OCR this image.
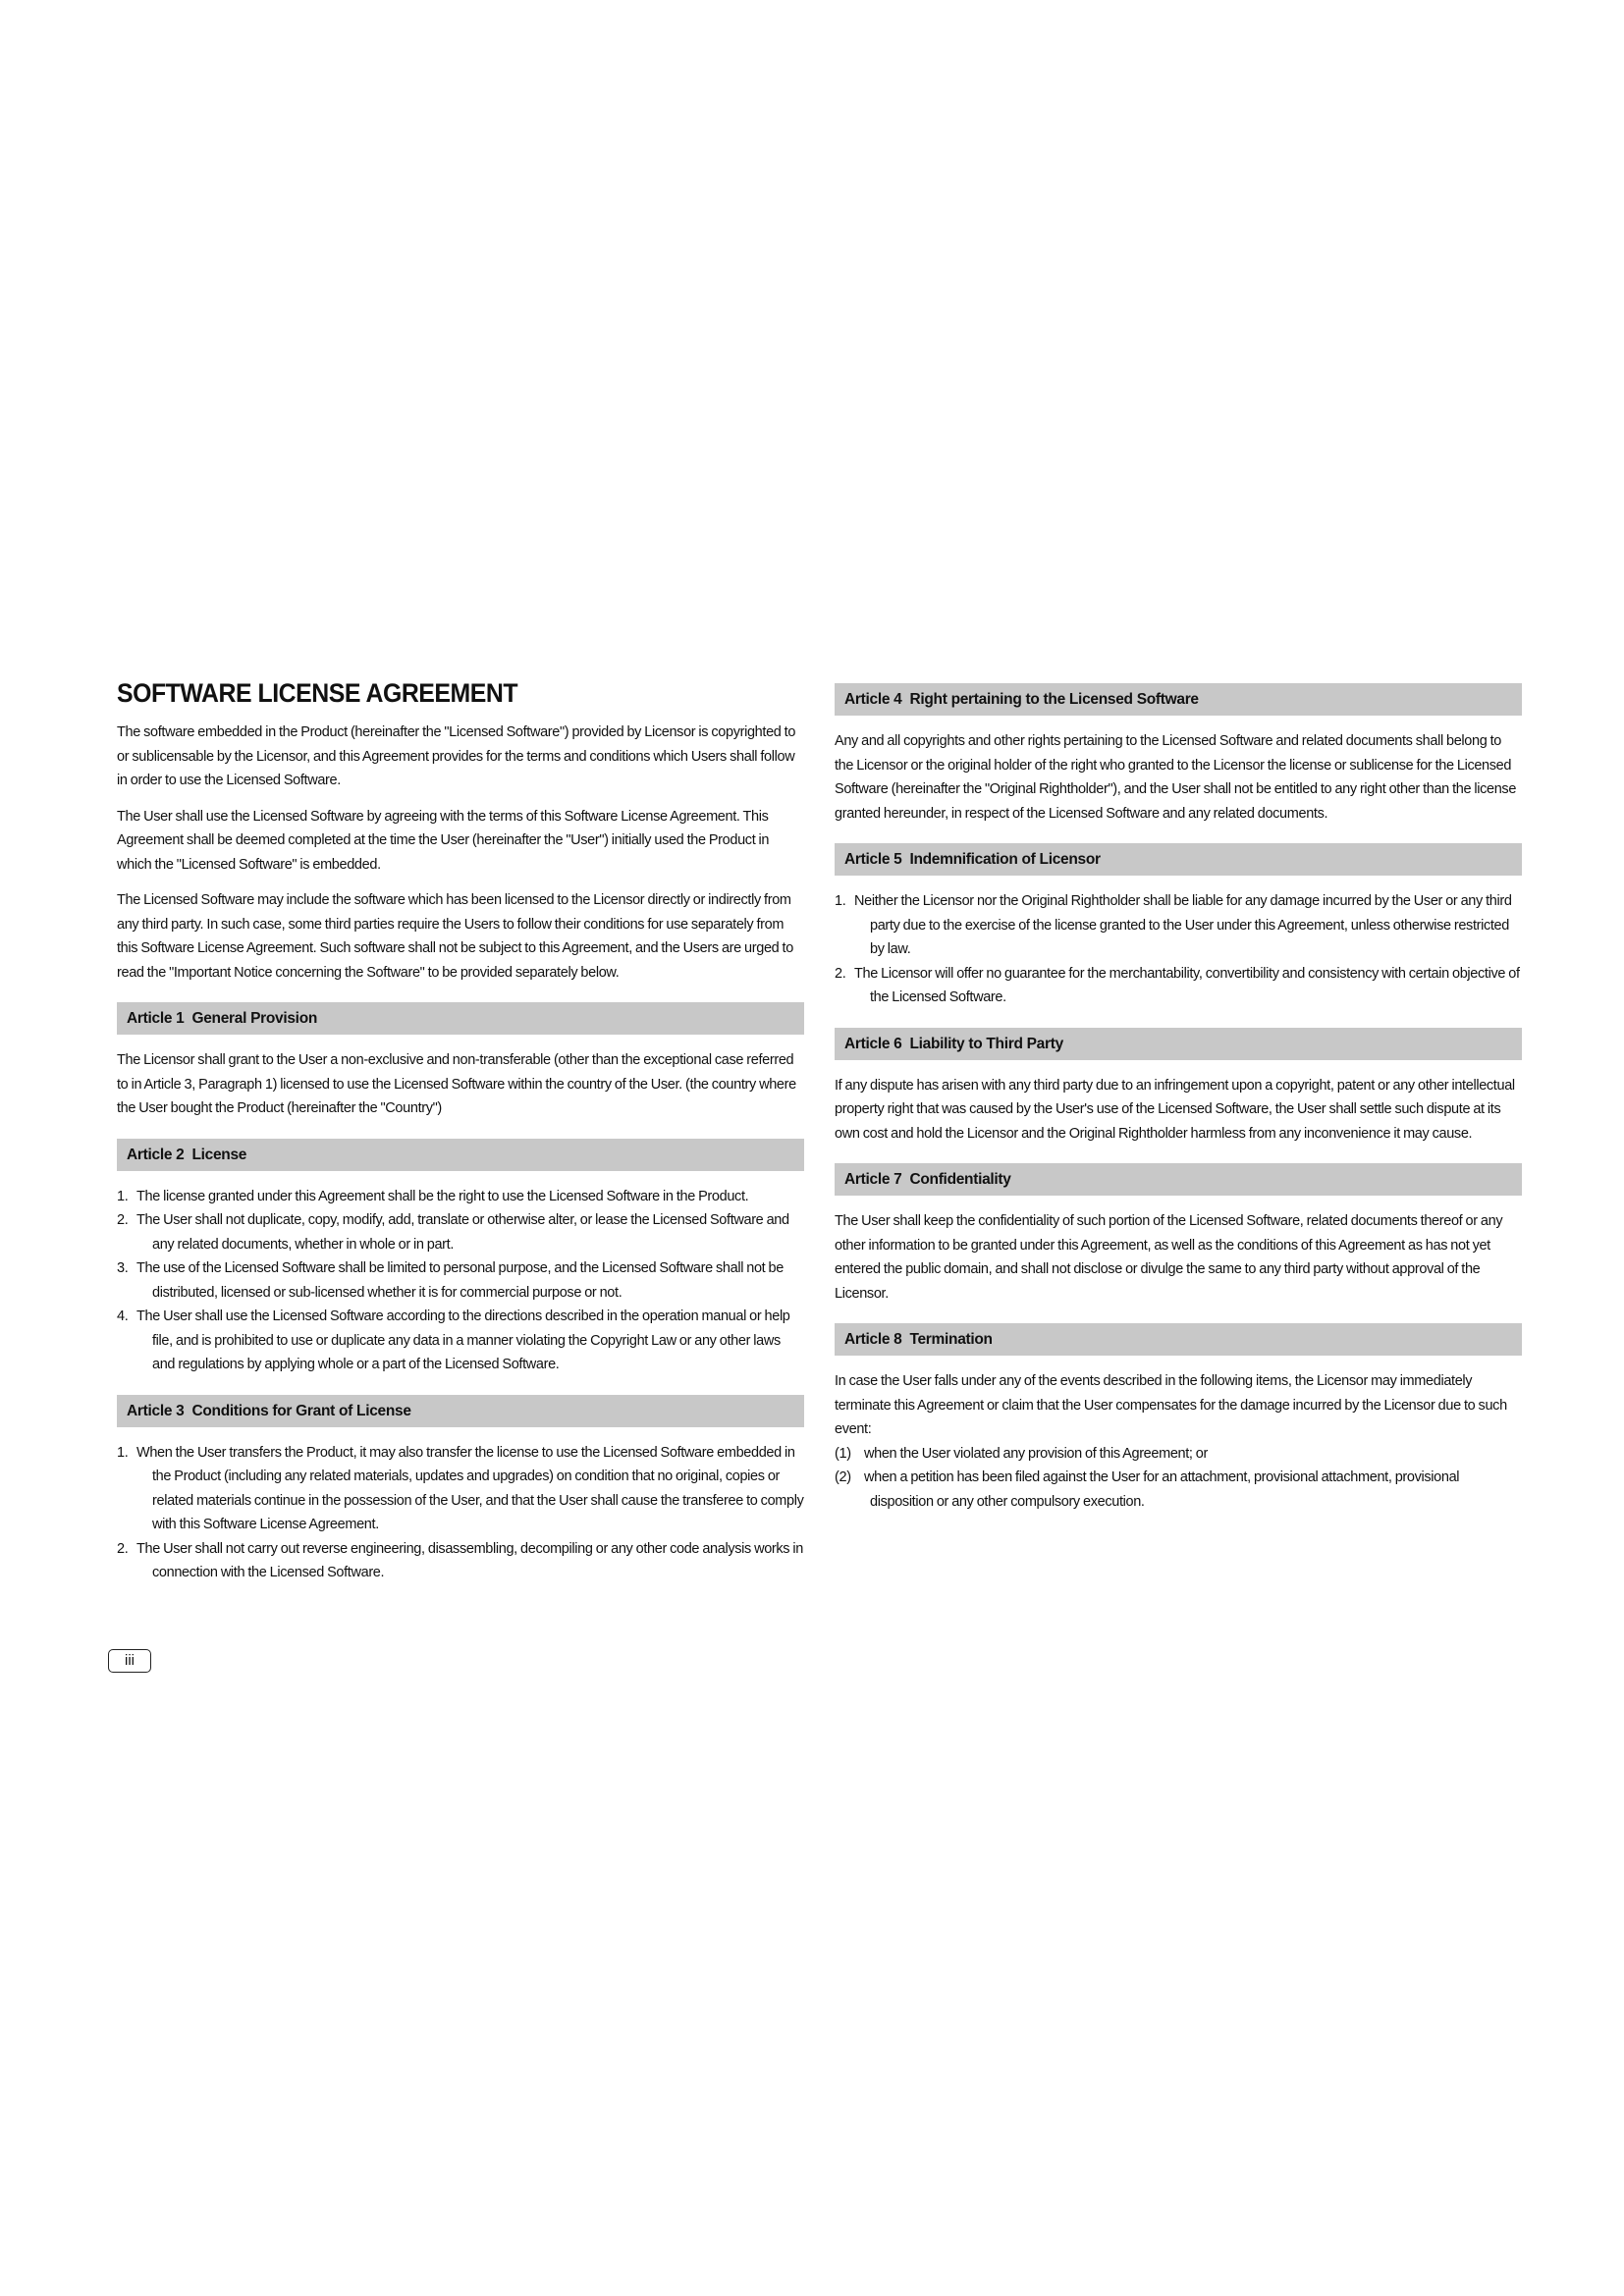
SOFTWARE LICENSE AGREEMENT

The software embedded in the Product (hereinafter the "Licensed Software") provided by Licensor is copyrighted to or sublicensable by the Licensor, and this Agreement provides for the terms and conditions which Users shall follow in order to use the Licensed Software.

The User shall use the Licensed Software by agreeing with the terms of this Software License Agreement. This Agreement shall be deemed completed at the time the User (hereinafter the "User") initially used the Product in which the "Licensed Software" is embedded.

The Licensed Software may include the software which has been licensed to the Licensor directly or indirectly from any third party. In such case, some third parties require the Users to follow their conditions for use separately from this Software License Agreement. Such software shall not be subject to this Agreement, and the Users are urged to read the "Important Notice concerning the Software" to be provided separately below.

Article 1 General Provision

The Licensor shall grant to the User a non-exclusive and non-transferable (other than the exceptional case referred to in Article 3, Paragraph 1) licensed to use the Licensed Software within the country of the User. (the country where the User bought the Product (hereinafter the "Country")

Article 2 License
1. The license granted under this Agreement shall be the right to use the Licensed Software in the Product.
2. The User shall not duplicate, copy, modify, add, translate or otherwise alter, or lease the Licensed Software and any related documents, whether in whole or in part.
3. The use of the Licensed Software shall be limited to personal purpose, and the Licensed Software shall not be distributed, licensed or sub-licensed whether it is for commercial purpose or not.
4. The User shall use the Licensed Software according to the directions described in the operation manual or help file, and is prohibited to use or duplicate any data in a manner violating the Copyright Law or any other laws and regulations by applying whole or a part of the Licensed Software.
Article 3 Conditions for Grant of License
1. When the User transfers the Product, it may also transfer the license to use the Licensed Software embedded in the Product (including any related materials, updates and upgrades) on condition that no original, copies or related materials continue in the possession of the User, and that the User shall cause the transferee to comply with this Software License Agreement.
2. The User shall not carry out reverse engineering, disassembling, decompiling or any other code analysis works in connection with the Licensed Software.
Article 4 Right pertaining to the Licensed Software

Any and all copyrights and other rights pertaining to the Licensed Software and related documents shall belong to the Licensor or the original holder of the right who granted to the Licensor the license or sublicense for the Licensed Software (hereinafter the "Original Rightholder"), and the User shall not be entitled to any right other than the license granted hereunder, in respect of the Licensed Software and any related documents.

Article 5 Indemnification of Licensor
1. Neither the Licensor nor the Original Rightholder shall be liable for any damage incurred by the User or any third party due to the exercise of the license granted to the User under this Agreement, unless otherwise restricted by law.
2. The Licensor will offer no guarantee for the merchantability, convertibility and consistency with certain objective of the Licensed Software.
Article 6 Liability to Third Party

If any dispute has arisen with any third party due to an infringement upon a copyright, patent or any other intellectual property right that was caused by the User's use of the Licensed Software, the User shall settle such dispute at its own cost and hold the Licensor and the Original Rightholder harmless from any inconvenience it may cause.

Article 7 Confidentiality

The User shall keep the confidentiality of such portion of the Licensed Software, related documents thereof or any other information to be granted under this Agreement, as well as the conditions of this Agreement as has not yet entered the public domain, and shall not disclose or divulge the same to any third party without approval of the Licensor.

Article 8 Termination

In case the User falls under any of the events described in the following items, the Licensor may immediately terminate this Agreement or claim that the User compensates for the damage incurred by the Licensor due to such event:

(1) when the User violated any provision of this Agreement; or
(2) when a petition has been filed against the User for an attachment, provisional attachment, provisional disposition or any other compulsory execution.
iii
